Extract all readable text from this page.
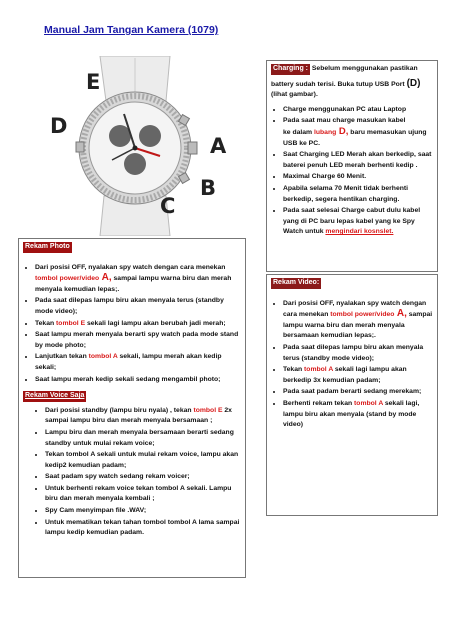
Manual Jam Tangan Kamera (1079)
E
D
A
B
C
Charging : Sebelum menggunakan pastikan battery sudah terisi. Buka tutup USB Port (D) (lihat gambar).
• Charge menggunakan PC atau Laptop
• Pada saat mau charge masukan kabel
ke dalam lubang D, baru memasukan ujung USB ke PC.
• Saat Charging LED Merah akan berkedip, saat baterei penuh LED merah berhenti kedip .
• Maximal Charge 60 Menit.
• Apabila selama 70 Menit tidak berhenti berkedip, segera hentikan charging.
• Pada saat selesai Charge cabut dulu kabel yang di PC baru lepas kabel yang ke Spy Watch untuk mengindari kosnslet.
Rekam Photo
• Dari posisi OFF, nyalakan spy watch dengan cara menekan tombol power/video A, sampai lampu warna biru dan merah menyala kemudian lepas;.
• Pada saat dilepas lampu biru akan menyala terus (standby mode video);
• Tekan tombol E sekali lagi lampu akan berubah jadi merah;
• Saat lampu merah menyala berarti spy watch pada mode stand by mode photo;
• Lanjutkan tekan tombol A sekali, lampu merah akan kedip sekali;
• Saat lampu merah kedip sekali sedang mengambil photo;
Rekam Voice Saja
• Dari posisi standby (lampu biru nyala) , tekan tombol E 2x sampai lampu biru dan merah menyala bersamaan ;
• Lampu biru dan merah menyala bersamaan berarti sedang standby untuk mulai rekam voice;
• Tekan tombol A sekali untuk mulai rekam voice, lampu akan kedip2 kemudian padam;
• Saat padam spy watch sedang rekam voicer;
• Untuk berhenti rekam voice tekan tombol A sekali. Lampu biru dan merah menyala kembali ;
• Spy Cam menyimpan file .WAV;
• Untuk mematikan tekan tahan tombol tombol A lama sampai lampu kedip kemudian padam.
Rekam Video:
• Dari posisi OFF, nyalakan spy watch dengan cara menekan tombol power/video A, sampai lampu warna biru dan merah menyala bersamaan kemudian lepas;.
• Pada saat dilepas lampu biru akan menyala terus (standby mode video);
• Tekan tombol A sekali lagi lampu akan berkedip 3x kemudian padam;
• Pada saat padam berarti sedang merekam;
• Berhenti rekam tekan tombol A sekali lagi, lampu biru akan menyala (stand by mode video)
